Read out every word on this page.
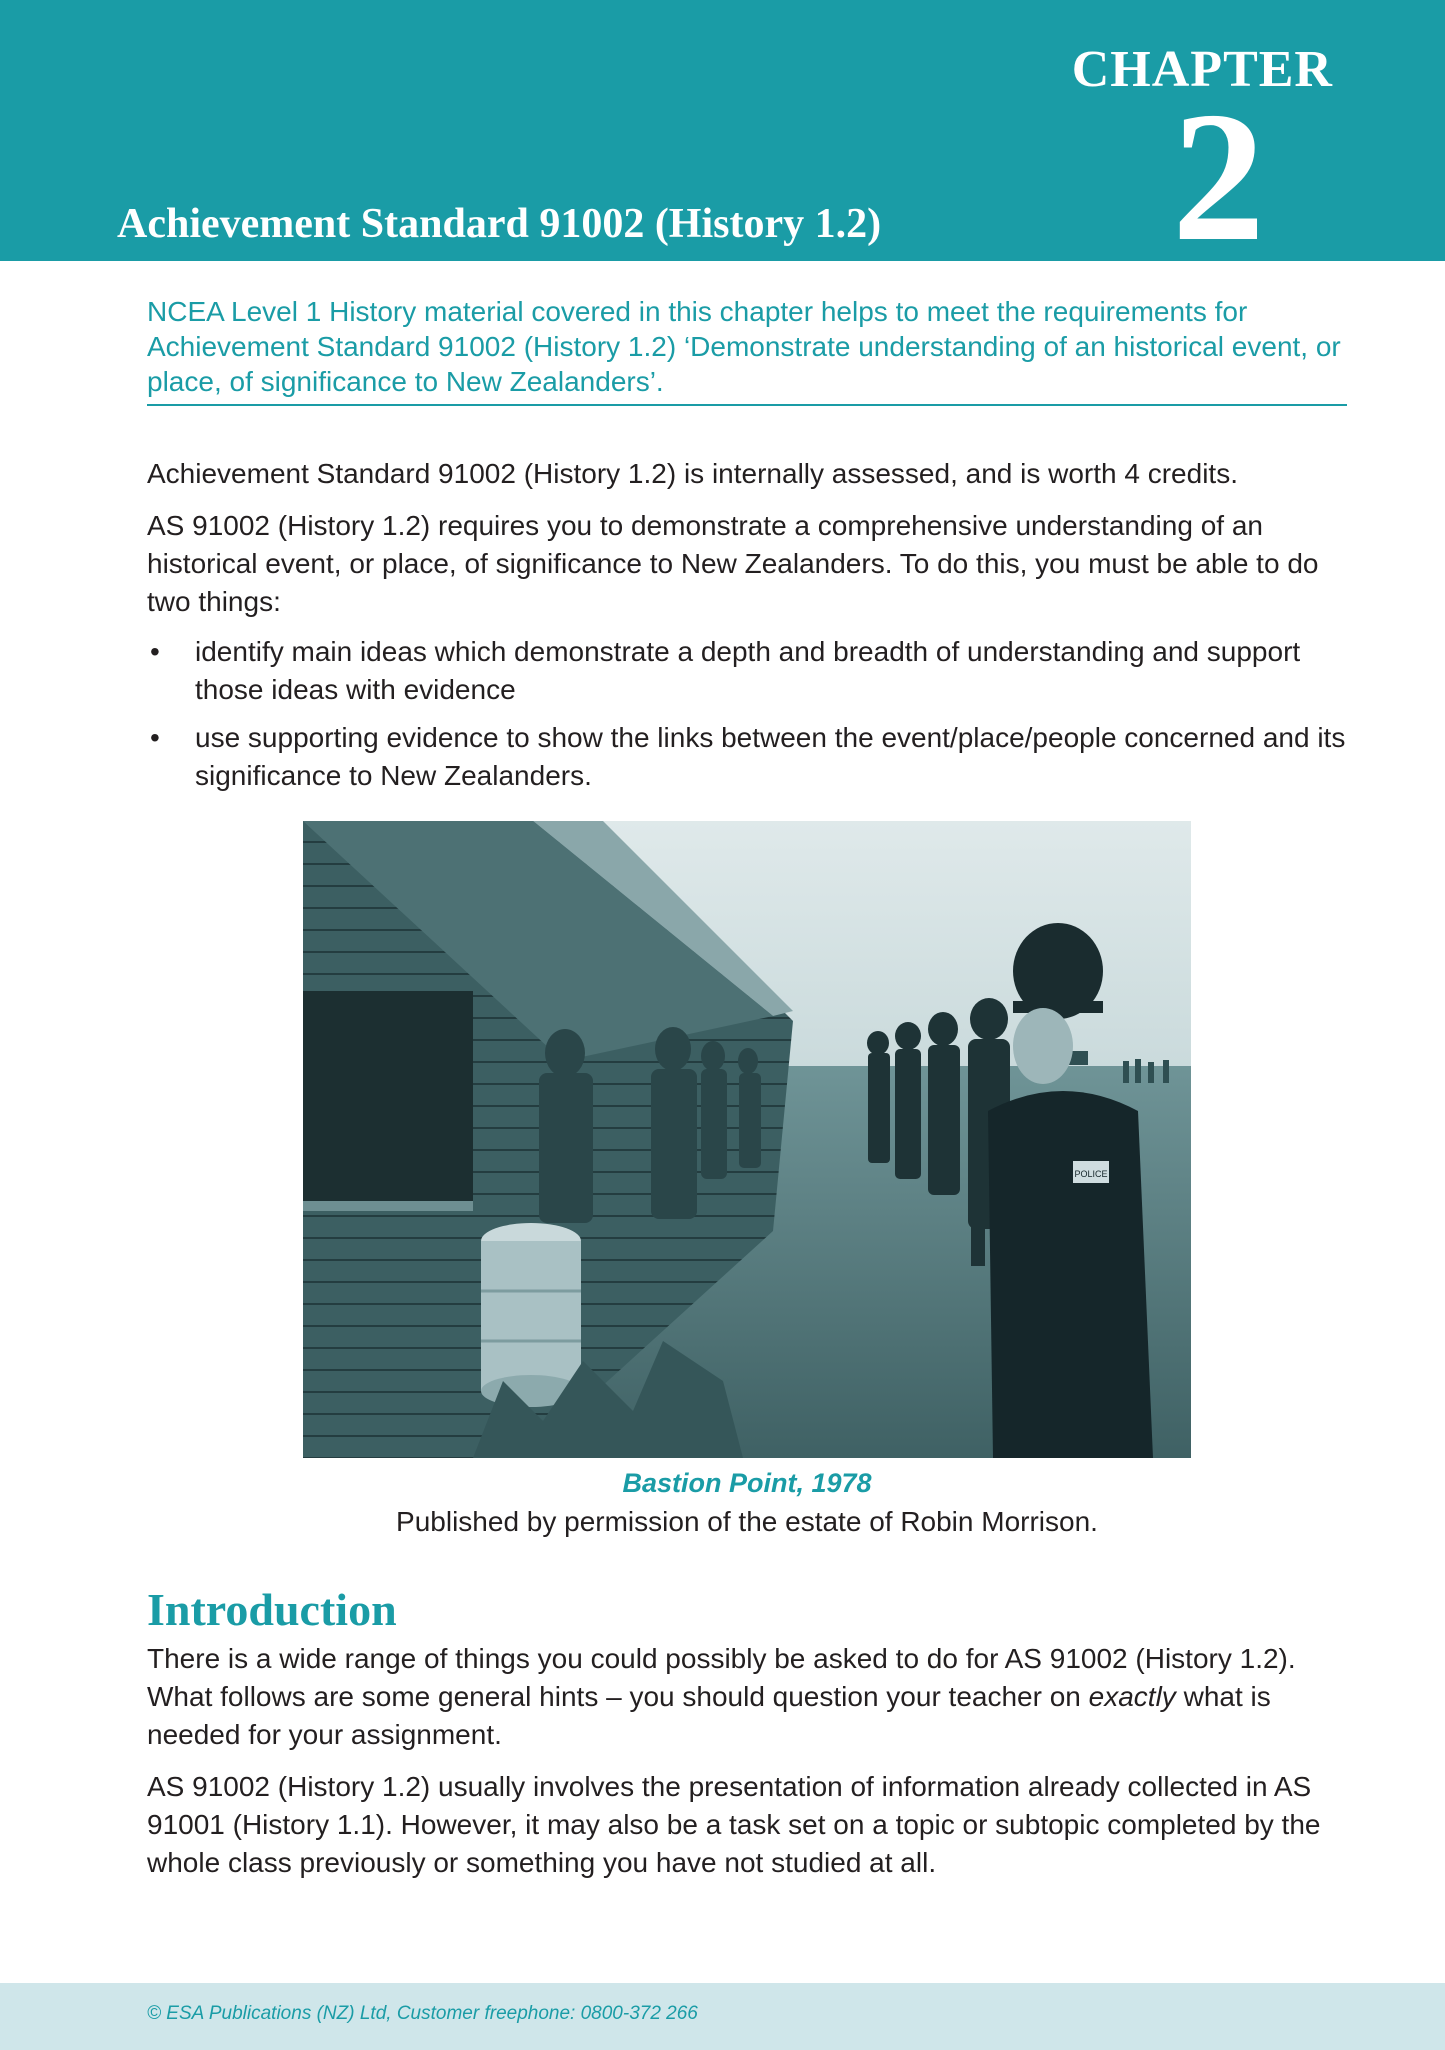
CHAPTER
2
Achievement Standard 91002 (History 1.2)

NCEA Level 1 History material covered in this chapter helps to meet the requirements for Achievement Standard 91002 (History 1.2) ‘Demonstrate understanding of an historical event, or place, of significance to New Zealanders’.

Achievement Standard 91002 (History 1.2) is internally assessed, and is worth 4 credits.

AS 91002 (History 1.2) requires you to demonstrate a comprehensive understanding of an historical event, or place, of significance to New Zealanders. To do this, you must be able to do two things:

• identify main ideas which demonstrate a depth and breadth of understanding and support those ideas with evidence
• use supporting evidence to show the links between the event/place/people concerned and its significance to New Zealanders.
POLICE
Bastion Point, 1978
Published by permission of the estate of Robin Morrison.
Introduction

There is a wide range of things you could possibly be asked to do for AS 91002 (History 1.2). What follows are some general hints – you should question your teacher on exactly what is needed for your assignment.

AS 91002 (History 1.2) usually involves the presentation of information already collected in AS 91001 (History 1.1). However, it may also be a task set on a topic or subtopic completed by the whole class previously or something you have not studied at all.

© ESA Publications (NZ) Ltd, Customer freephone: 0800-372 266
